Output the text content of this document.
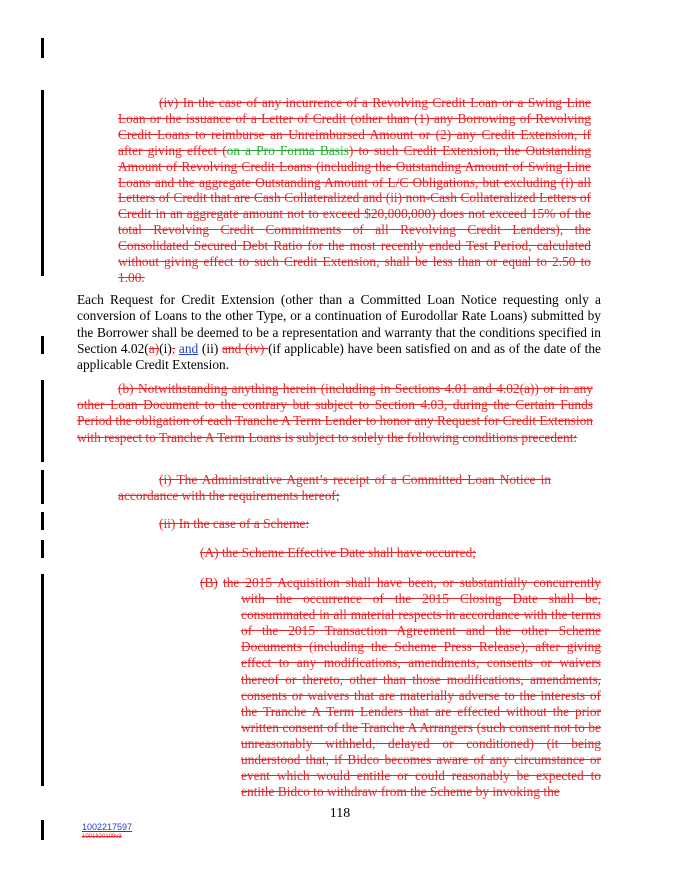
(iv) In the case of any incurrence of a Revolving Credit Loan or a Swing Line Loan or the issuance of a Letter of Credit (other than (1) any Borrowing of Revolving Credit Loans to reimburse an Unreimbursed Amount or (2) any Credit Extension, if after giving effect (on a Pro Forma Basis) to such Credit Extension, the Outstanding Amount of Revolving Credit Loans (including the Outstanding Amount of Swing Line Loans and the aggregate Outstanding Amount of L/C Obligations, but excluding (i) all Letters of Credit that are Cash Collateralized and (ii) non-Cash Collateralized Letters of Credit in an aggregate amount not to exceed $20,000,000) does not exceed 15% of the total Revolving Credit Commitments of all Revolving Credit Lenders), the Consolidated Secured Debt Ratio for the most recently ended Test Period, calculated without giving effect to such Credit Extension, shall be less than or equal to 2.50 to 1.00.
Each Request for Credit Extension (other than a Committed Loan Notice requesting only a conversion of Loans to the other Type, or a continuation of Eurodollar Rate Loans) submitted by the Borrower shall be deemed to be a representation and warranty that the conditions specified in Section 4.02(a)(i), and (ii) and (iv) (if applicable) have been satisfied on and as of the date of the applicable Credit Extension.
(b) Notwithstanding anything herein (including in Sections 4.01 and 4.02(a)) or in any other Loan Document to the contrary but subject to Section 4.03, during the Certain Funds Period the obligation of each Tranche A Term Lender to honor any Request for Credit Extension with respect to Tranche A Term Loans is subject to solely the following conditions precedent:
(i) The Administrative Agent’s receipt of a Committed Loan Notice in accordance with the requirements hereof;
(ii) In the case of a Scheme:
(A) the Scheme Effective Date shall have occurred;
(B) the 2015 Acquisition shall have been, or substantially concurrently with the occurrence of the 2015 Closing Date shall be, consummated in all material respects in accordance with the terms of the 2015 Transaction Agreement and the other Scheme Documents (including the Scheme Press Release), after giving effect to any modifications, amendments, consents or waivers thereof or thereto, other than those modifications, amendments, consents or waivers that are materially adverse to the interests of the Tranche A Term Lenders that are effected without the prior written consent of the Tranche A Arrangers (such consent not to be unreasonably withheld, delayed or conditioned) (it being understood that, if Bidco becomes aware of any circumstance or event which would entitle or could reasonably be expected to entitle Bidco to withdraw from the Scheme by invoking the
118
1002217597
1001820109v3
